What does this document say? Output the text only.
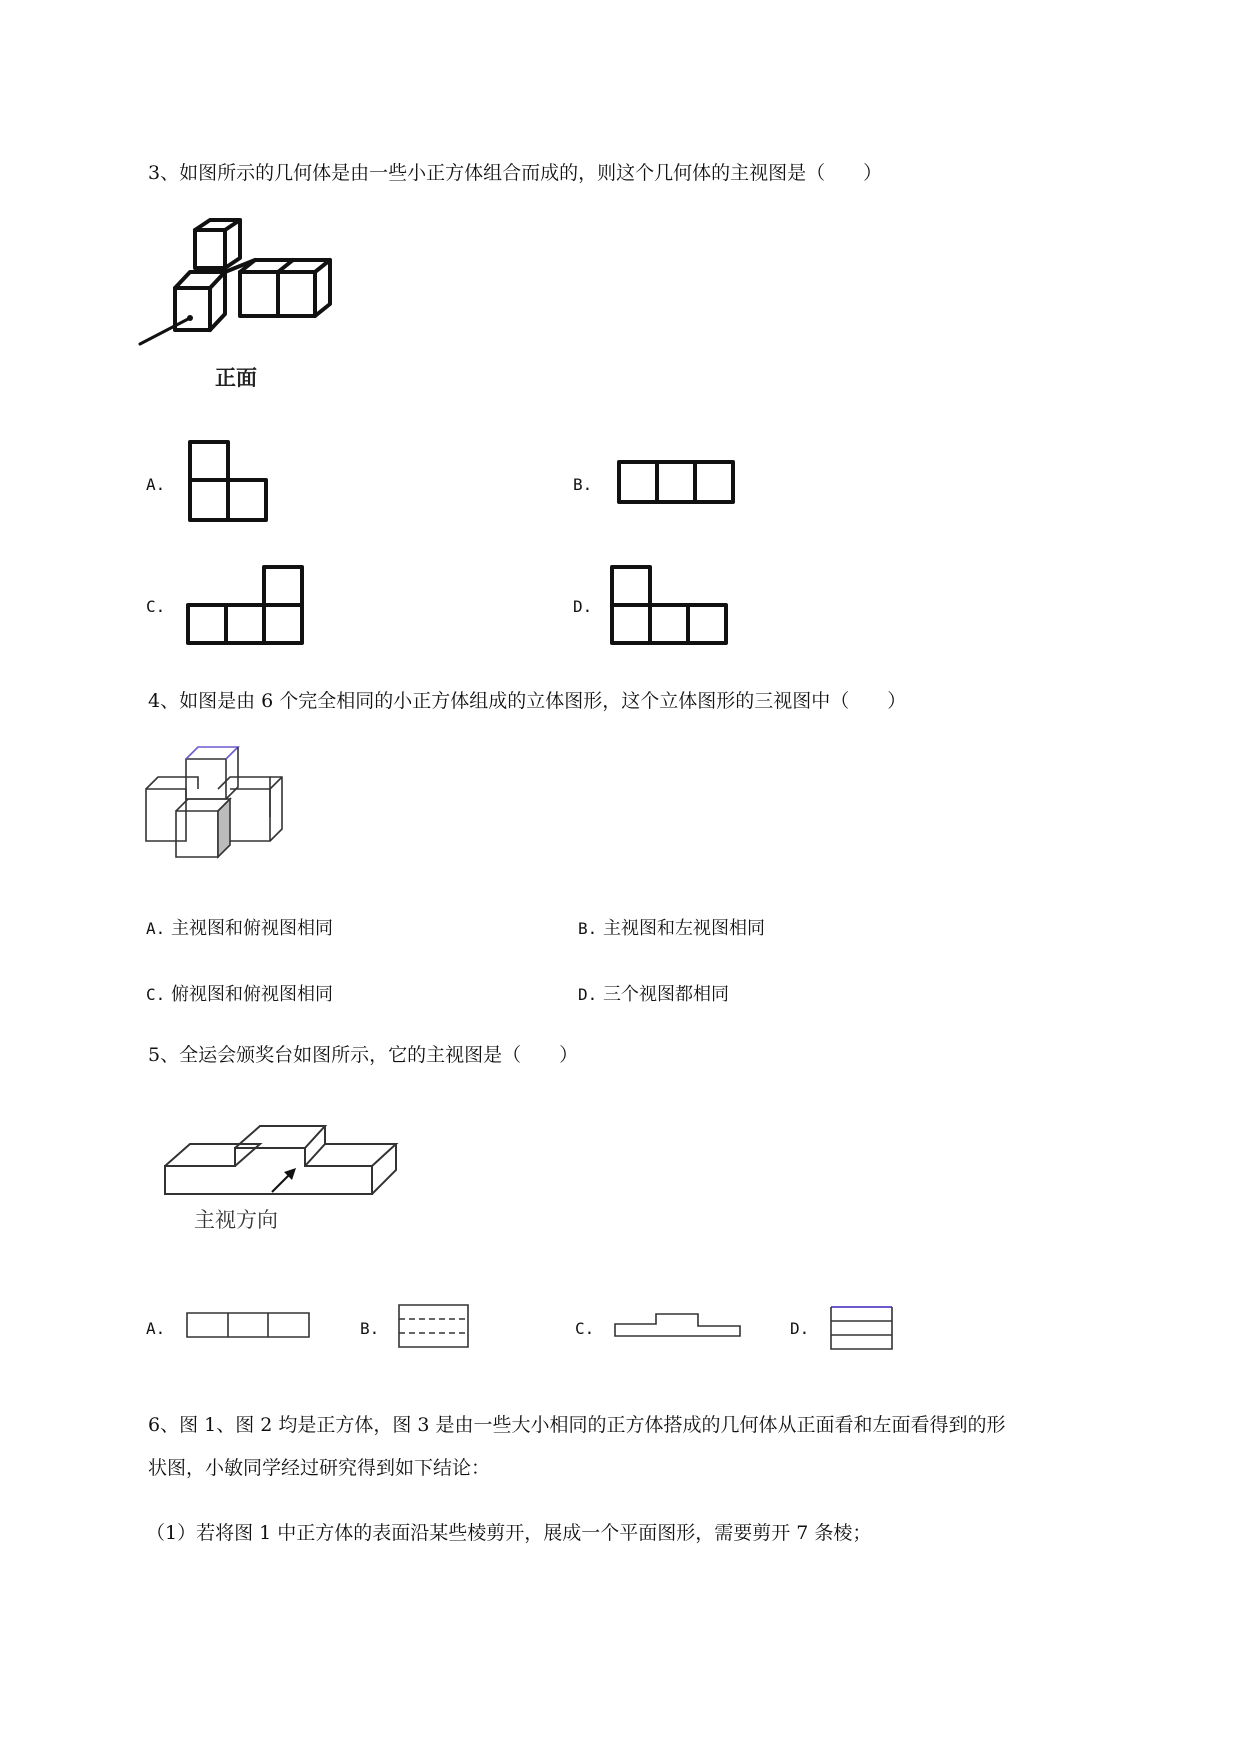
3、如图所示的几何体是由一些小正方体组合而成的，则这个几何体的主视图是（　　）
正面
A.	B.
C.	D.
4、如图是由 6 个完全相同的小正方体组成的立体图形，这个立体图形的三视图中（　　）
A. 主视图和俯视图相同	B. 主视图和左视图相同
C. 俯视图和俯视图相同	D. 三个视图都相同
5、全运会颁奖台如图所示，它的主视图是（　　）
主视方向
A.	B.	C.	D.
6、图 1、图 2 均是正方体，图 3 是由一些大小相同的正方体搭成的几何体从正面看和左面看得到的形
状图，小敏同学经过研究得到如下结论：
（1）若将图 1 中正方体的表面沿某些棱剪开，展成一个平面图形，需要剪开 7 条棱；
